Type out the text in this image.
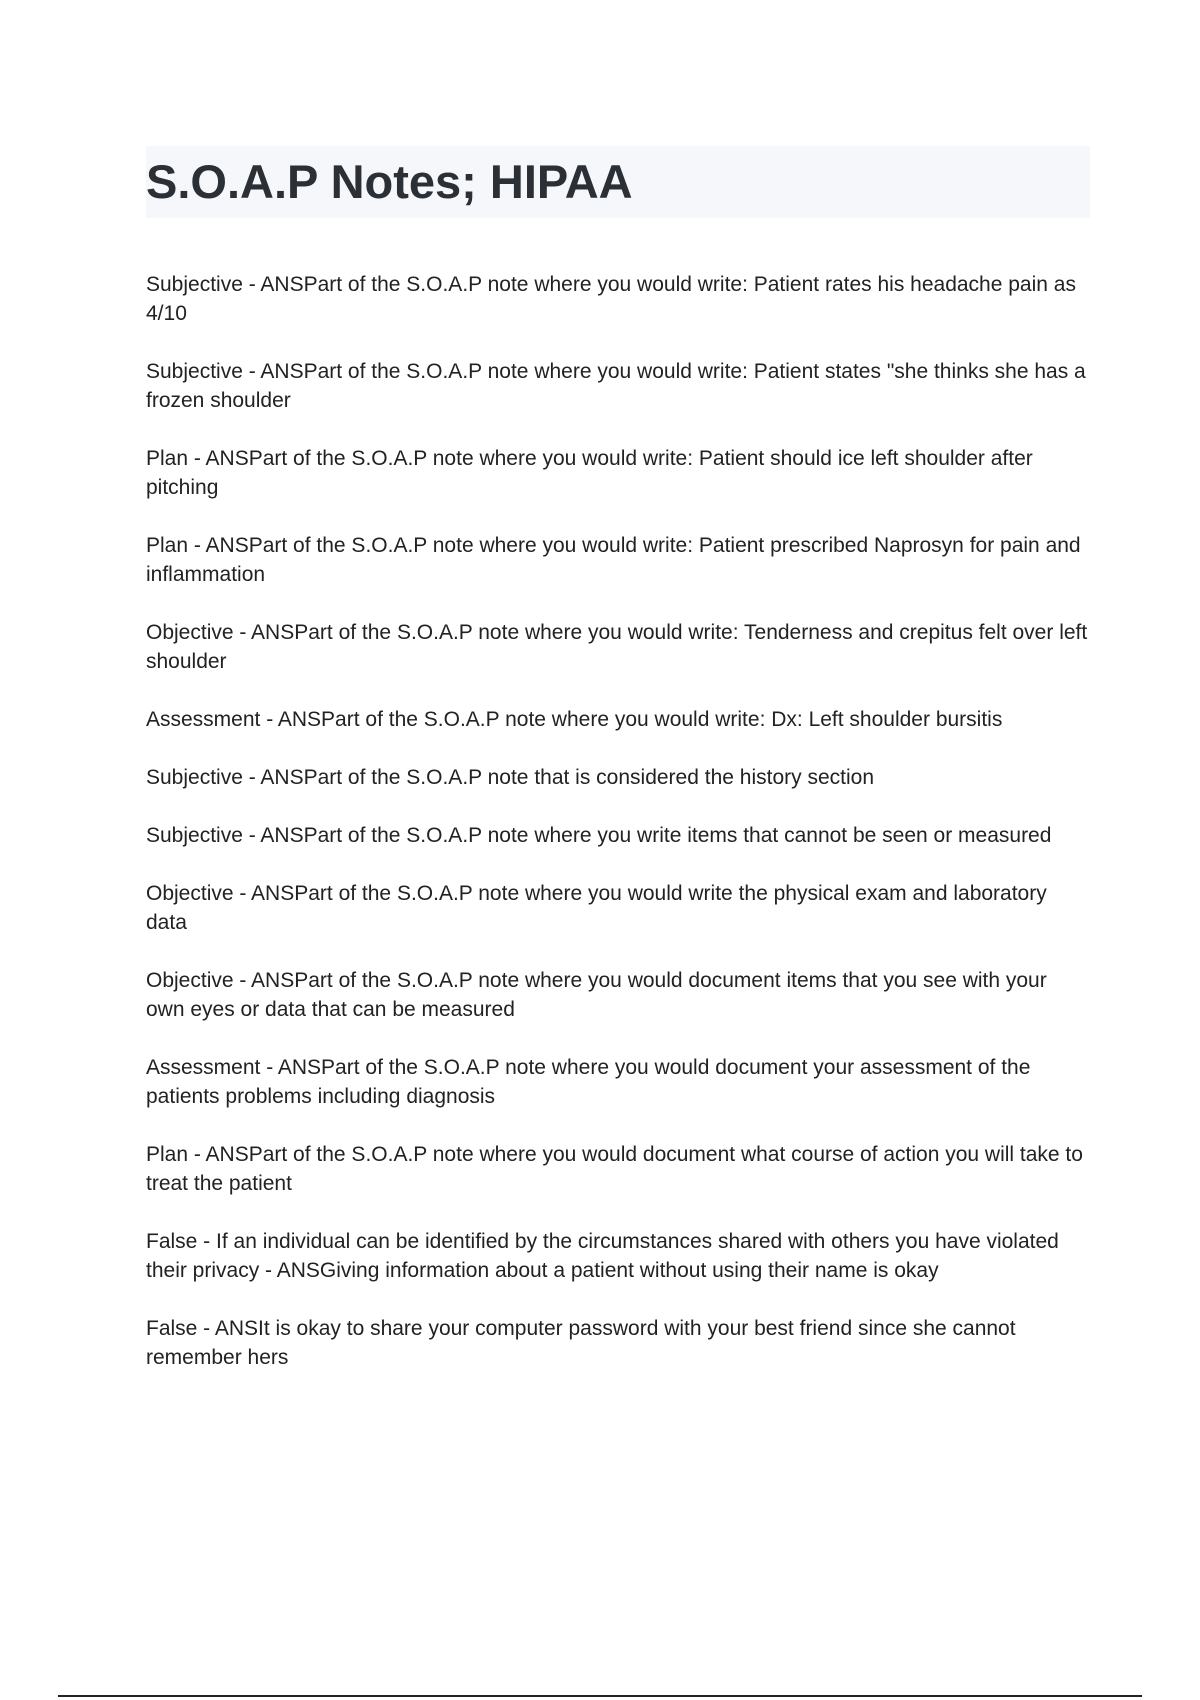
S.O.A.P Notes; HIPAA
Subjective - ANSPart of the S.O.A.P note where you would write: Patient rates his headache pain as 4/10
Subjective - ANSPart of the S.O.A.P note where you would write: Patient states "she thinks she has a frozen shoulder
Plan - ANSPart of the S.O.A.P note where you would write: Patient should ice left shoulder after pitching
Plan - ANSPart of the S.O.A.P note where you would write: Patient prescribed Naprosyn for pain and inflammation
Objective - ANSPart of the S.O.A.P note where you would write: Tenderness and crepitus felt over left shoulder
Assessment - ANSPart of the S.O.A.P note where you would write: Dx: Left shoulder bursitis
Subjective - ANSPart of the S.O.A.P note that is considered the history section
Subjective - ANSPart of the S.O.A.P note where you write items that cannot be seen or measured
Objective - ANSPart of the S.O.A.P note where you would write the physical exam and laboratory data
Objective - ANSPart of the S.O.A.P note where you would document items that you see with your own eyes or data that can be measured
Assessment - ANSPart of the S.O.A.P note where you would document your assessment of the patients problems including diagnosis
Plan - ANSPart of the S.O.A.P note where you would document what course of action you will take to treat the patient
False - If an individual can be identified by the circumstances shared with others you have violated their privacy - ANSGiving information about a patient without using their name is okay
False - ANSIt is okay to share your computer password with your best friend since she cannot remember hers
